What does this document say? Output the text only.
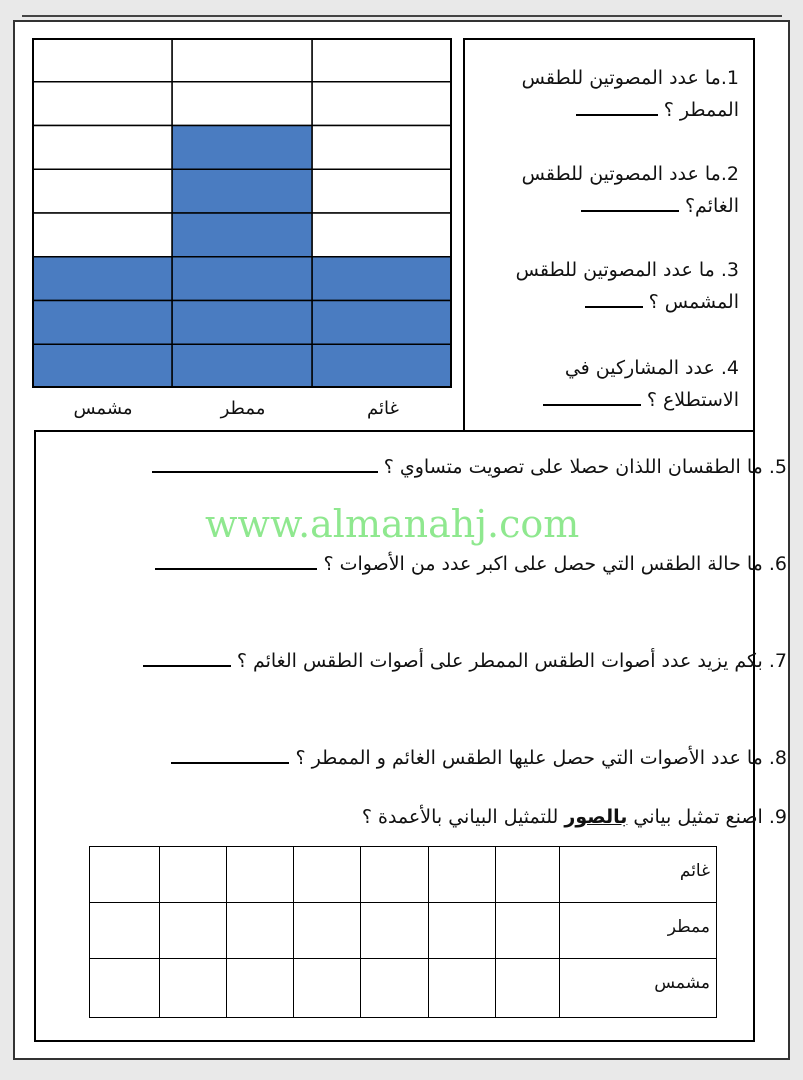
غائم
ممطر
مشمس
1.ما عدد المصوتين للطقس
الممطر ؟
2.ما عدد المصوتين للطقس
الغائم؟
3. ما عدد المصوتين للطقس
المشمس ؟
4. عدد المشاركين في
الاستطلاع ؟
5. ما الطقسان اللذان حصلا على تصويت متساوي ؟
www.almanahj.com
6. ما حالة الطقس التي حصل على اكبر عدد من الأصوات ؟
7. بكم يزيد عدد أصوات الطقس الممطر على أصوات الطقس الغائم ؟
8. ما عدد الأصوات التي حصل عليها الطقس الغائم و الممطر ؟
9. اصنع تمثيل بياني بالصور للتمثيل البياني بالأعمدة ؟
غائم
ممطر
مشمس
